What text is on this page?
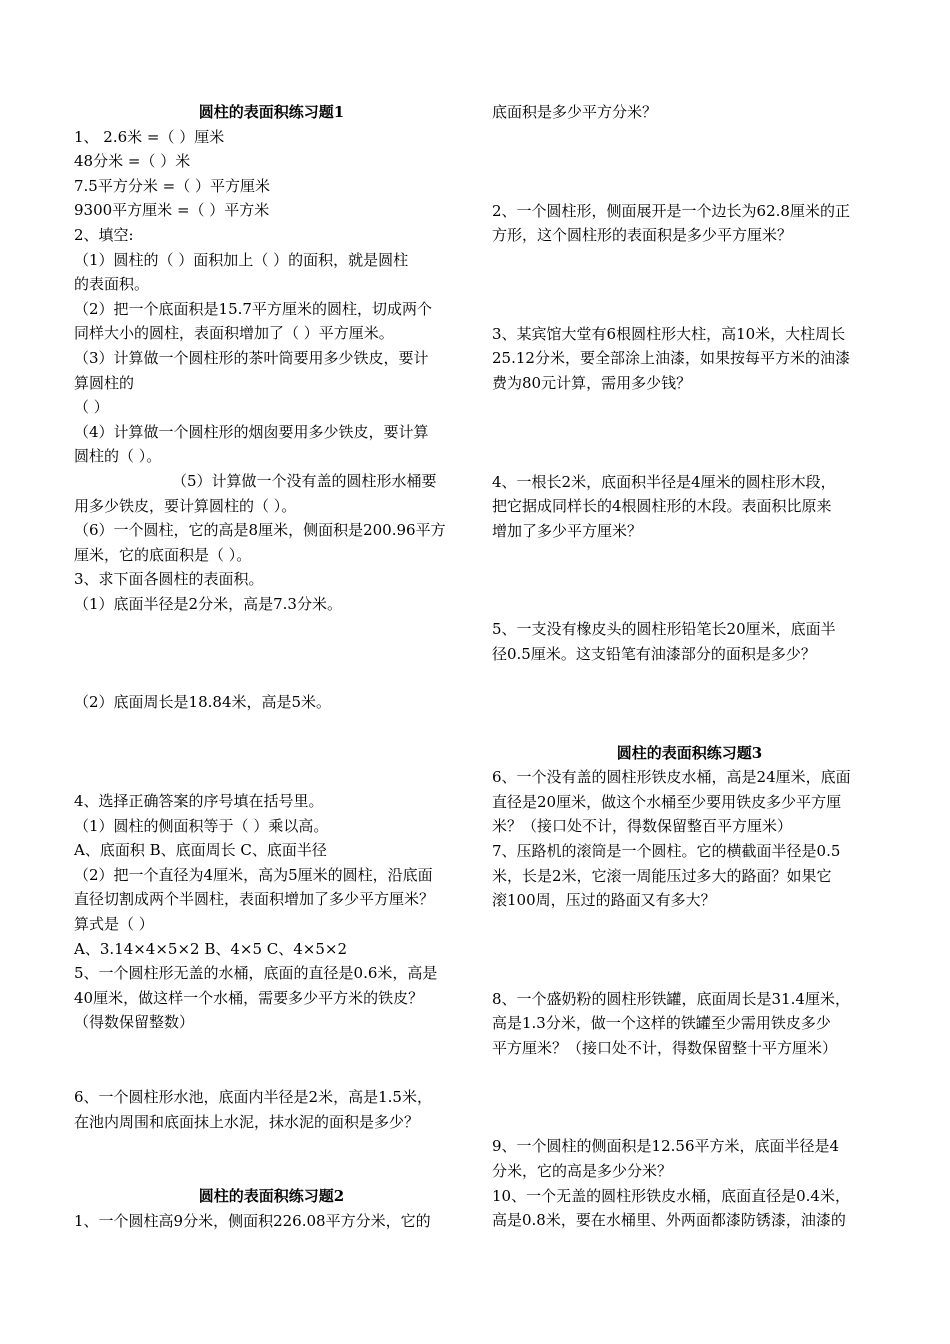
圆柱的表面积练习题1

1、 2.6米 =（ ）厘米

48分米 =（ ）米

7.5平方分米 =（ ）平方厘米

9300平方厘米 =（ ）平方米

2、填空:

（1）圆柱的（ ）面积加上（ ）的面积，就是圆柱

的表面积。

（2）把一个底面积是15.7平方厘米的圆柱，切成两个

同样大小的圆柱，表面积增加了（ ）平方厘米。

（3）计算做一个圆柱形的茶叶筒要用多少铁皮，要计

算圆柱的

（ ）

（4）计算做一个圆柱形的烟囱要用多少铁皮，要计算

圆柱的（ ）。

（5）计算做一个没有盖的圆柱形水桶要

用多少铁皮，要计算圆柱的（ ）。

（6）一个圆柱，它的高是8厘米，侧面积是200.96平方

厘米，它的底面积是（ ）。

3、求下面各圆柱的表面积。

（1）底面半径是2分米，高是7.3分米。

（2）底面周长是18.84米，高是5米。

4、选择正确答案的序号填在括号里。

（1）圆柱的侧面积等于（ ）乘以高。

A、底面积 B、底面周长 C、底面半径

（2）把一个直径为4厘米，高为5厘米的圆柱，沿底面

直径切割成两个半圆柱，表面积增加了多少平方厘米？

算式是（ ）

A、3.14×4×5×2 B、4×5 C、4×5×2

5、一个圆柱形无盖的水桶，底面的直径是0.6米，高是

40厘米，做这样一个水桶，需要多少平方米的铁皮？

（得数保留整数）

6、一个圆柱形水池，底面内半径是2米，高是1.5米，

在池内周围和底面抹上水泥，抹水泥的面积是多少？

圆柱的表面积练习题2

1、一个圆柱高9分米，侧面积226.08平方分米，它的

底面积是多少平方分米？

2、一个圆柱形，侧面展开是一个边长为62.8厘米的正

方形，这个圆柱形的表面积是多少平方厘米？

3、某宾馆大堂有6根圆柱形大柱，高10米，大柱周长

25.12分米，要全部涂上油漆，如果按每平方米的油漆

费为80元计算，需用多少钱？

4、一根长2米，底面积半径是4厘米的圆柱形木段，

把它据成同样长的4根圆柱形的木段。表面积比原来

增加了多少平方厘米？

5、一支没有橡皮头的圆柱形铅笔长20厘米，底面半

径0.5厘米。这支铅笔有油漆部分的面积是多少？

圆柱的表面积练习题3

6、一个没有盖的圆柱形铁皮水桶，高是24厘米，底面

直径是20厘米，做这个水桶至少要用铁皮多少平方厘

米？（接口处不计，得数保留整百平方厘米）

7、压路机的滚筒是一个圆柱。它的横截面半径是0.5

米，长是2米，它滚一周能压过多大的路面？如果它

滚100周，压过的路面又有多大？

8、一个盛奶粉的圆柱形铁罐，底面周长是31.4厘米，

高是1.3分米，做一个这样的铁罐至少需用铁皮多少

平方厘米？（接口处不计，得数保留整十平方厘米）

9、一个圆柱的侧面积是12.56平方米，底面半径是4

分米，它的高是多少分米？

10、一个无盖的圆柱形铁皮水桶，底面直径是0.4米，

高是0.8米，要在水桶里、外两面都漆防锈漆，油漆的
